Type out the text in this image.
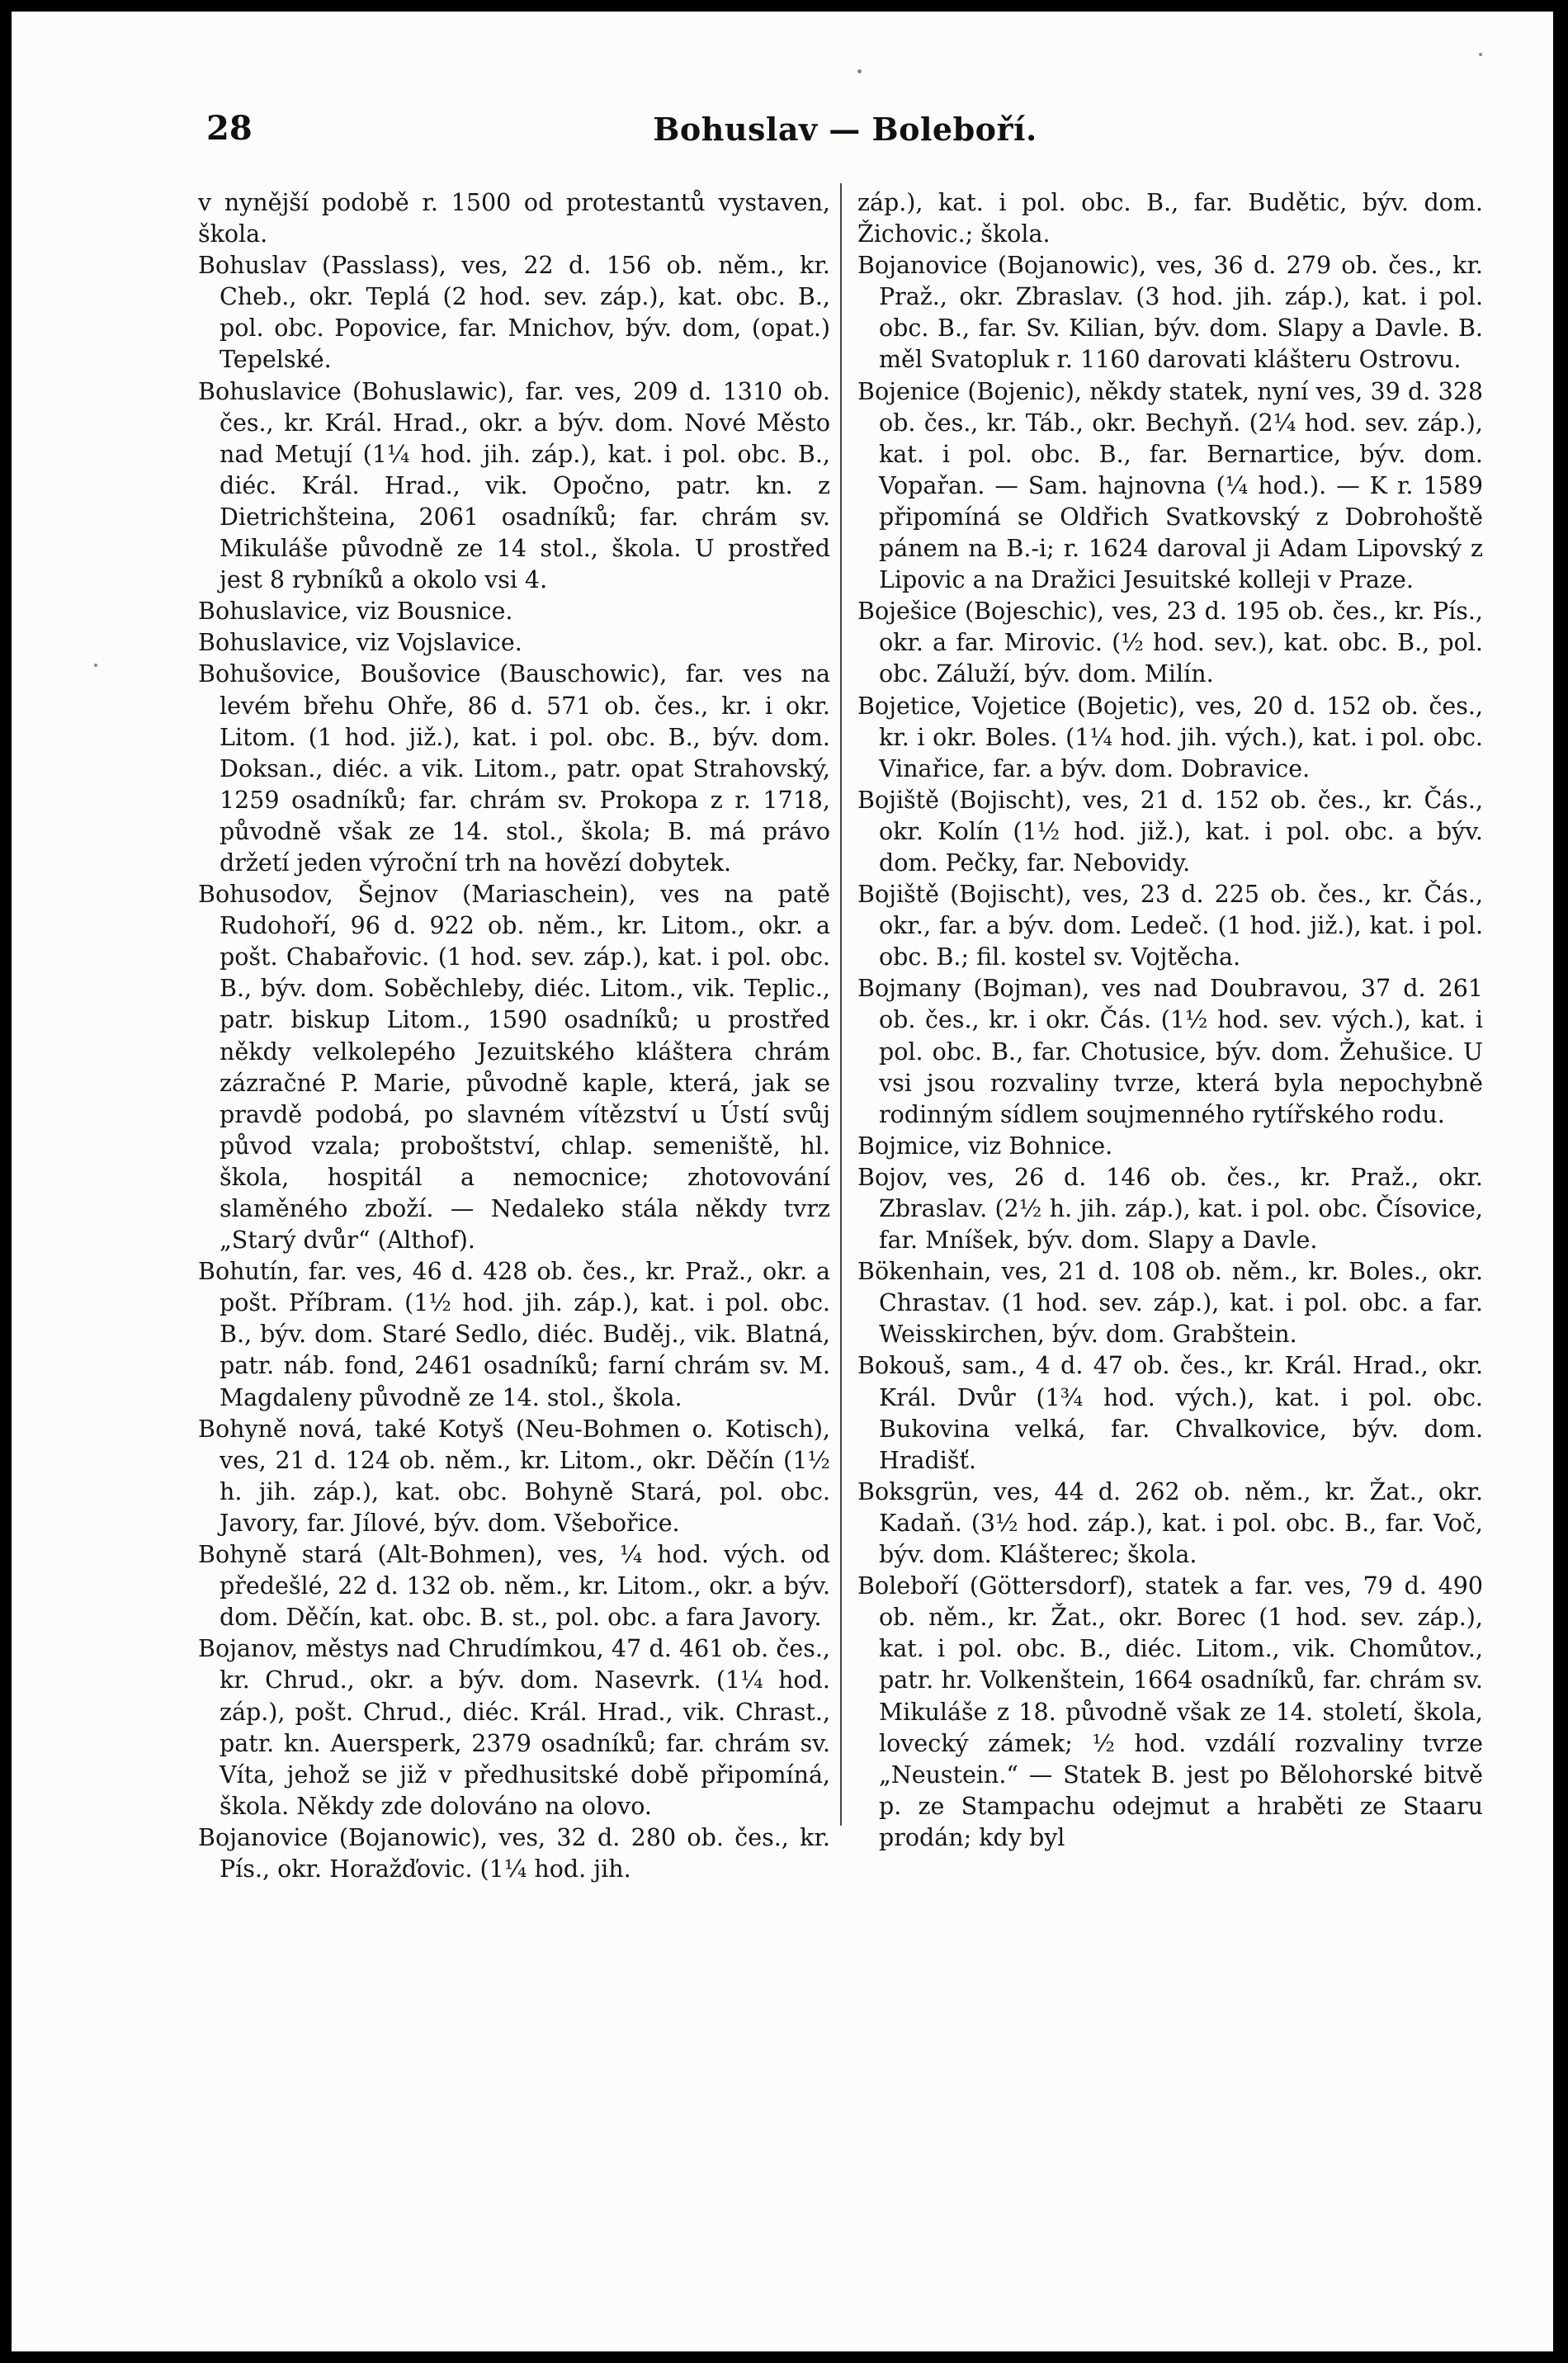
28	Bohuslav — Boleboří.

v nynější podobě r. 1500 od protestantů vystaven, škola.

Bohuslav (Passlass), ves, 22 d. 156 ob. něm., kr. Cheb., okr. Teplá (2 hod. sev. záp.), kat. obc. B., pol. obc. Popovice, far. Mnichov, býv. dom, (opat.) Tepelské.

Bohuslavice (Bohuslawic), far. ves, 209 d. 1310 ob. čes., kr. Král. Hrad., okr. a býv. dom. Nové Město nad Metují (1¼ hod. jih. záp.), kat. i pol. obc. B., diéc. Král. Hrad., vik. Opočno, patr. kn. z Dietrichšteina, 2061 osadníků; far. chrám sv. Mikuláše původně ze 14 stol., škola. U prostřed jest 8 rybníků a okolo vsi 4.

Bohuslavice, viz Bousnice.

Bohuslavice, viz Vojslavice.

Bohušovice, Boušovice (Bauschowic), far. ves na levém břehu Ohře, 86 d. 571 ob. čes., kr. i okr. Litom. (1 hod. již.), kat. i pol. obc. B., býv. dom. Doksan., diéc. a vik. Litom., patr. opat Strahovský, 1259 osadníků; far. chrám sv. Prokopa z r. 1718, původně však ze 14. stol., škola; B. má právo držetí jeden výroční trh na hovězí dobytek.

Bohusodov, Šejnov (Mariaschein), ves na patě Rudohoří, 96 d. 922 ob. něm., kr. Litom., okr. a pošt. Chabařovic. (1 hod. sev. záp.), kat. i pol. obc. B., býv. dom. Soběchleby, diéc. Litom., vik. Teplic., patr. biskup Litom., 1590 osadníků; u prostřed někdy velkolepého Jezuitského kláštera chrám zázračné P. Marie, původně kaple, která, jak se pravdě podobá, po slavném vítězství u Ústí svůj původ vzala; proboštství, chlap. semeniště, hl. škola, hospitál a nemocnice; zhotovování slaměného zboží. — Nedaleko stála někdy tvrz „Starý dvůr“ (Althof).

Bohutín, far. ves, 46 d. 428 ob. čes., kr. Praž., okr. a pošt. Příbram. (1½ hod. jih. záp.), kat. i pol. obc. B., býv. dom. Staré Sedlo, diéc. Buděj., vik. Blatná, patr. náb. fond, 2461 osadníků; farní chrám sv. M. Magdaleny původně ze 14. stol., škola.

Bohyně nová, také Kotyš (Neu-Bohmen o. Kotisch), ves, 21 d. 124 ob. něm., kr. Litom., okr. Děčín (1½ h. jih. záp.), kat. obc. Bohyně Stará, pol. obc. Javory, far. Jílové, býv. dom. Všebořice.

Bohyně stará (Alt-Bohmen), ves, ¼ hod. vých. od předešlé, 22 d. 132 ob. něm., kr. Litom., okr. a býv. dom. Děčín, kat. obc. B. st., pol. obc. a fara Javory.

Bojanov, městys nad Chrudímkou, 47 d. 461 ob. čes., kr. Chrud., okr. a býv. dom. Nasevrk. (1¼ hod. záp.), pošt. Chrud., diéc. Král. Hrad., vik. Chrast., patr. kn. Auersperk, 2379 osadníků; far. chrám sv. Víta, jehož se již v předhusitské době připomíná, škola. Někdy zde dolováno na olovo.

Bojanovice (Bojanowic), ves, 32 d. 280 ob. čes., kr. Pís., okr. Horažďovic. (1¼ hod. jih.

záp.), kat. i pol. obc. B., far. Budětic, býv. dom. Žichovic.; škola.

Bojanovice (Bojanowic), ves, 36 d. 279 ob. čes., kr. Praž., okr. Zbraslav. (3 hod. jih. záp.), kat. i pol. obc. B., far. Sv. Kilian, býv. dom. Slapy a Davle. B. měl Svatopluk r. 1160 darovati klášteru Ostrovu.

Bojenice (Bojenic), někdy statek, nyní ves, 39 d. 328 ob. čes., kr. Táb., okr. Bechyň. (2¼ hod. sev. záp.), kat. i pol. obc. B., far. Bernartice, býv. dom. Vopařan. — Sam. hajnovna (¼ hod.). — K r. 1589 připomíná se Oldřich Svatkovský z Dobrohoště pánem na B.-i; r. 1624 daroval ji Adam Lipovský z Lipovic a na Dražici Jesuitské kolleji v Praze.

Boješice (Bojeschic), ves, 23 d. 195 ob. čes., kr. Pís., okr. a far. Mirovic. (½ hod. sev.), kat. obc. B., pol. obc. Záluží, býv. dom. Milín.

Bojetice, Vojetice (Bojetic), ves, 20 d. 152 ob. čes., kr. i okr. Boles. (1¼ hod. jih. vých.), kat. i pol. obc. Vinařice, far. a býv. dom. Dobravice.

Bojiště (Bojischt), ves, 21 d. 152 ob. čes., kr. Čás., okr. Kolín (1½ hod. již.), kat. i pol. obc. a býv. dom. Pečky, far. Nebovidy.

Bojiště (Bojischt), ves, 23 d. 225 ob. čes., kr. Čás., okr., far. a býv. dom. Ledeč. (1 hod. již.), kat. i pol. obc. B.; fil. kostel sv. Vojtěcha.

Bojmany (Bojman), ves nad Doubravou, 37 d. 261 ob. čes., kr. i okr. Čás. (1½ hod. sev. vých.), kat. i pol. obc. B., far. Chotusice, býv. dom. Žehušice. U vsi jsou rozvaliny tvrze, která byla nepochybně rodinným sídlem soujmenného rytířského rodu.

Bojmice, viz Bohnice.

Bojov, ves, 26 d. 146 ob. čes., kr. Praž., okr. Zbraslav. (2½ h. jih. záp.), kat. i pol. obc. Čísovice, far. Mníšek, býv. dom. Slapy a Davle.

Bökenhain, ves, 21 d. 108 ob. něm., kr. Boles., okr. Chrastav. (1 hod. sev. záp.), kat. i pol. obc. a far. Weisskirchen, býv. dom. Grabštein.

Bokouš, sam., 4 d. 47 ob. čes., kr. Král. Hrad., okr. Král. Dvůr (1¾ hod. vých.), kat. i pol. obc. Bukovina velká, far. Chvalkovice, býv. dom. Hradišť.

Boksgrün, ves, 44 d. 262 ob. něm., kr. Žat., okr. Kadaň. (3½ hod. záp.), kat. i pol. obc. B., far. Voč, býv. dom. Klášterec; škola.

Boleboří (Göttersdorf), statek a far. ves, 79 d. 490 ob. něm., kr. Žat., okr. Borec (1 hod. sev. záp.), kat. i pol. obc. B., diéc. Litom., vik. Chomůtov., patr. hr. Volkenštein, 1664 osadníků, far. chrám sv. Mikuláše z 18. původně však ze 14. století, škola, lovecký zámek; ½ hod. vzdálí rozvaliny tvrze „Neustein.“ — Statek B. jest po Bělohorské bitvě p. ze Stampachu odejmut a hraběti ze Staaru prodán; kdy byl
